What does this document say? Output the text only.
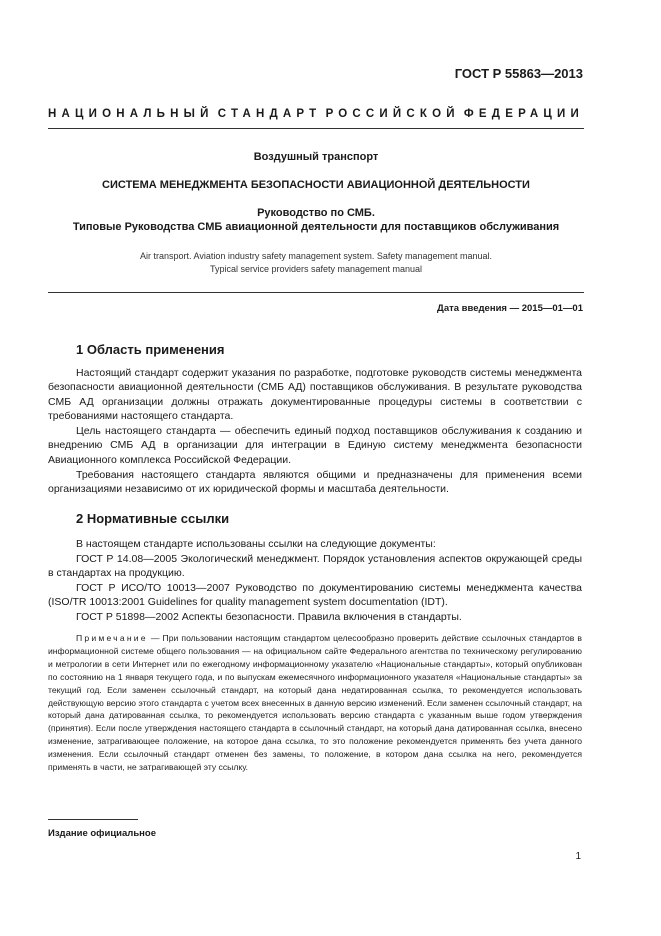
ГОСТ Р 55863—2013
НАЦИОНАЛЬНЫЙ СТАНДАРТ РОССИЙСКОЙ ФЕДЕРАЦИИ
Воздушный транспорт
СИСТЕМА МЕНЕДЖМЕНТА БЕЗОПАСНОСТИ АВИАЦИОННОЙ ДЕЯТЕЛЬНОСТИ
Руководство по СМБ.
Типовые Руководства СМБ авиационной деятельности для поставщиков обслуживания
Air transport. Aviation industry safety management system. Safety management manual.
Typical service providers safety management manual
Дата введения — 2015—01—01
1 Область применения

Настоящий стандарт содержит указания по разработке, подготовке руководств системы менеджмента безопасности авиационной деятельности (СМБ АД) поставщиков обслуживания. В результате руководства СМБ АД организации должны отражать документированные процедуры системы в соответствии с требованиями настоящего стандарта.

Цель настоящего стандарта — обеспечить единый подход поставщиков обслуживания к созданию и внедрению СМБ АД в организации для интеграции в Единую систему менеджмента безопасности Авиационного комплекса Российской Федерации.

Требования настоящего стандарта являются общими и предназначены для применения всеми организациями независимо от их юридической формы и масштаба деятельности.

2 Нормативные ссылки

В настоящем стандарте использованы ссылки на следующие документы:

ГОСТ Р 14.08—2005 Экологический менеджмент. Порядок установления аспектов окружающей среды в стандартах на продукцию.

ГОСТ Р ИСО/ТО 10013—2007 Руководство по документированию системы менеджмента качества (ISO/TR 10013:2001 Guidelines for quality management system documentation (IDT).

ГОСТ Р 51898—2002 Аспекты безопасности. Правила включения в стандарты.

Примечание — При пользовании настоящим стандартом целесообразно проверить действие ссылочных стандартов в информационной системе общего пользования — на официальном сайте Федерального агентства по техническому регулированию и метрологии в сети Интернет или по ежегодному информационному указателю «Национальные стандарты», который опубликован по состоянию на 1 января текущего года, и по выпускам ежемесячного информационного указателя «Национальные стандарты» за текущий год. Если заменен ссылочный стандарт, на который дана недатированная ссылка, то рекомендуется использовать действующую версию этого стандарта с учетом всех внесенных в данную версию изменений. Если заменен ссылочный стандарт, на который дана датированная ссылка, то рекомендуется использовать версию стандарта с указанным выше годом утверждения (принятия). Если после утверждения настоящего стандарта в ссылочный стандарт, на который дана датированная ссылка, внесено изменение, затрагивающее положение, на которое дана ссылка, то это положение рекомендуется применять без учета данного изменения. Если ссылочный стандарт отменен без замены, то положение, в котором дана ссылка на него, рекомендуется применять в части, не затрагивающей эту ссылку.

Издание официальное
1
